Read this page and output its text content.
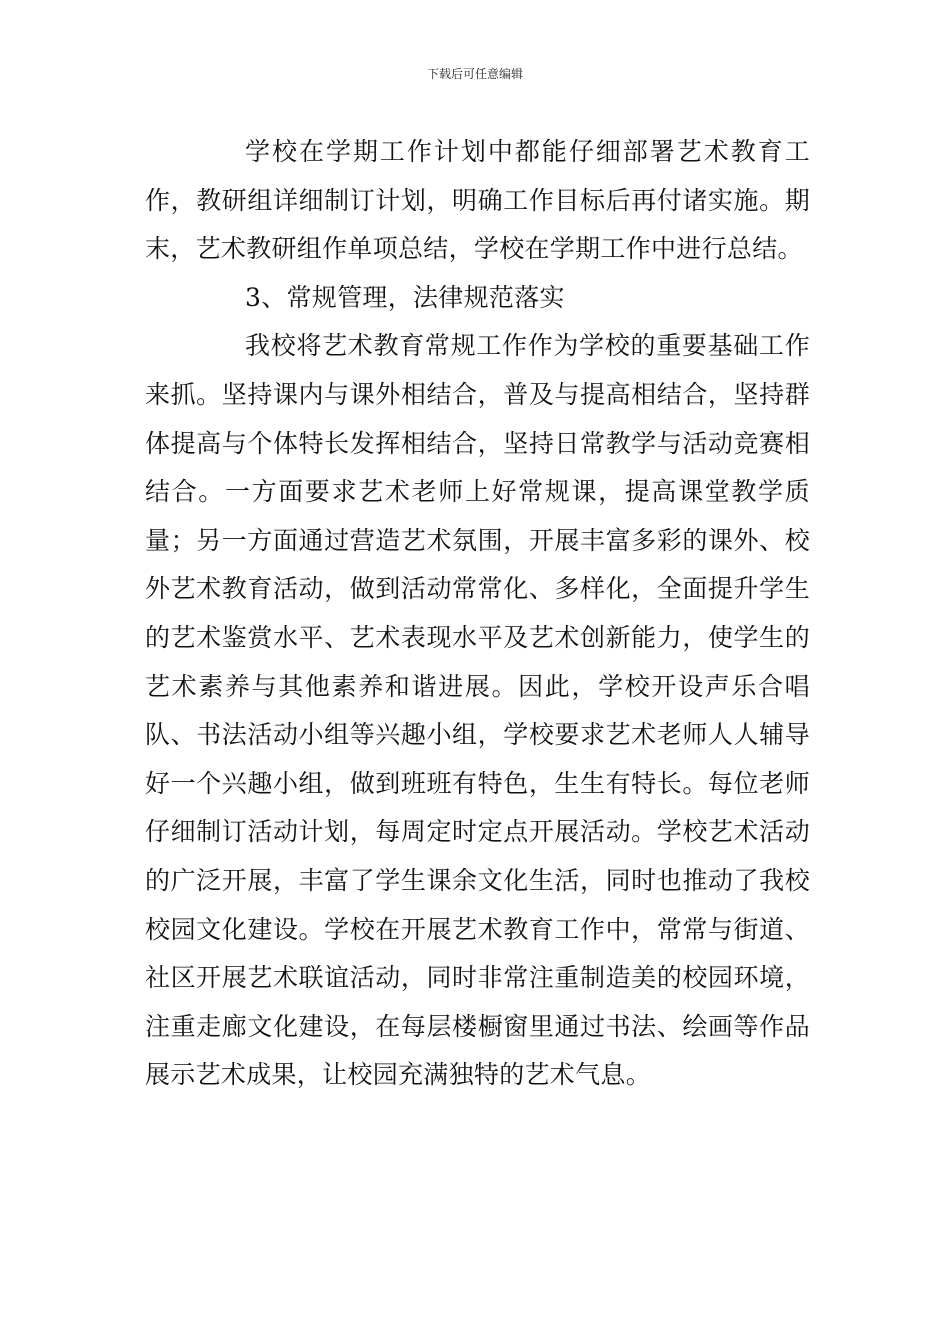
下载后可任意编辑

学校在学期工作计划中都能仔细部署艺术教育工作，教研组详细制订计划，明确工作目标后再付诸实施。期末，艺术教研组作单项总结，学校在学期工作中进行总结。

3、常规管理，法律规范落实

我校将艺术教育常规工作作为学校的重要基础工作来抓。坚持课内与课外相结合，普及与提高相结合，坚持群体提高与个体特长发挥相结合，坚持日常教学与活动竞赛相结合。一方面要求艺术老师上好常规课，提高课堂教学质量；另一方面通过营造艺术氛围，开展丰富多彩的课外、校外艺术教育活动，做到活动常常化、多样化，全面提升学生的艺术鉴赏水平、艺术表现水平及艺术创新能力，使学生的艺术素养与其他素养和谐进展。因此，学校开设声乐合唱队、书法活动小组等兴趣小组，学校要求艺术老师人人辅导好一个兴趣小组，做到班班有特色，生生有特长。每位老师仔细制订活动计划，每周定时定点开展活动。学校艺术活动的广泛开展，丰富了学生课余文化生活，同时也推动了我校校园文化建设。学校在开展艺术教育工作中，常常与街道、社区开展艺术联谊活动，同时非常注重制造美的校园环境，注重走廊文化建设，在每层楼橱窗里通过书法、绘画等作品展示艺术成果，让校园充满独特的艺术气息。
